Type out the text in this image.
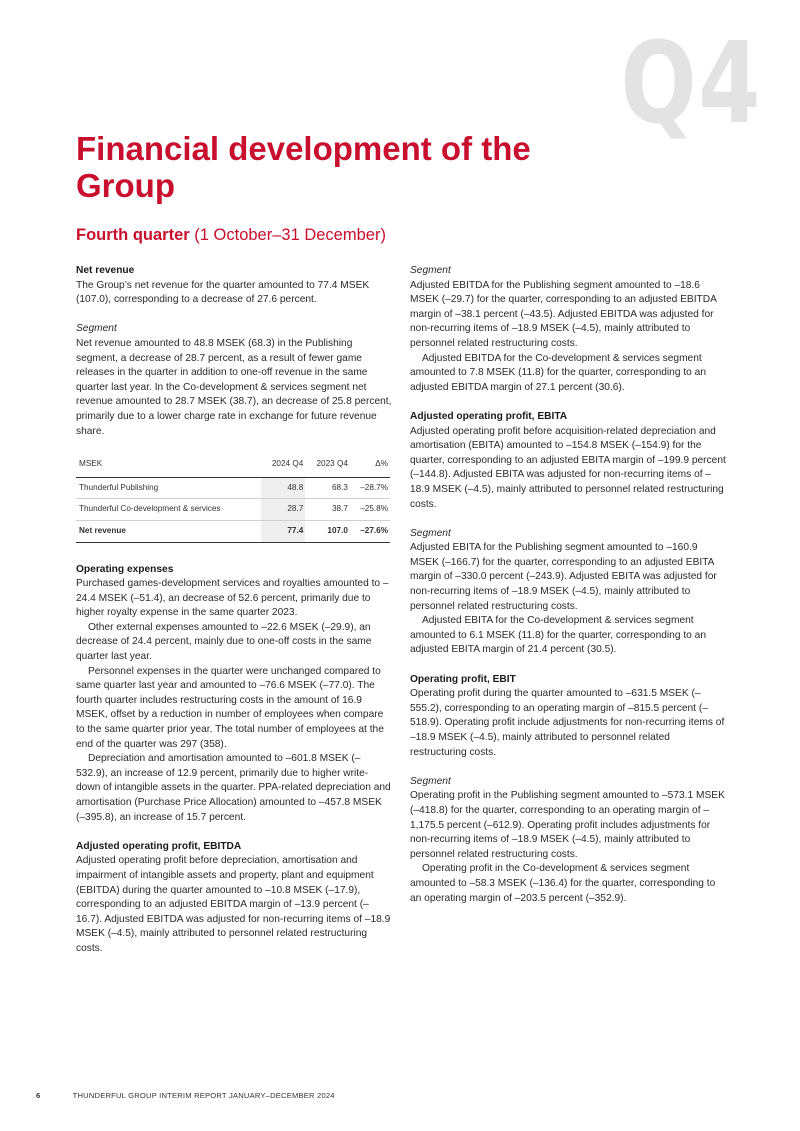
Q4
Financial development of the Group
Fourth quarter (1 October–31 December)

Net revenue

The Group’s net revenue for the quarter amounted to 77.4 MSEK (107.0), corresponding to a decrease of 27.6 percent.

Segment

Net revenue amounted to 48.8 MSEK (68.3) in the Publishing segment, a decrease of 28.7 percent, as a result of fewer game releases in the quarter in addition to one-off revenue in the same quarter last year. In the Co-development & services segment net revenue amounted to 28.7 MSEK (38.7), an decrease of 25.8 percent, primarily due to a lower charge rate in exchange for future revenue share.

MSEK	2024 Q4	2023 Q4	Δ%
Thunderful Publishing	48.8	68.3	–28.7%
Thunderful Co-development & services	28.7	38.7	–25.8%
Net revenue	77.4	107.0	–27.6%

Operating expenses

Purchased games-development services and royalties amounted to –24.4 MSEK (–51.4), an decrease of 52.6 percent, primarily due to higher royalty expense in the same quarter 2023.

Other external expenses amounted to –22.6 MSEK (–29.9), an decrease of 24.4 percent, mainly due to one-off costs in the same quarter last year.

Personnel expenses in the quarter were unchanged compared to same quarter last year and amounted to –76.6 MSEK (–77.0). The fourth quarter includes restructuring costs in the amount of 16.9 MSEK, offset by a reduction in number of employees when compare to the same quarter prior year. The total number of employees at the end of the quarter was 297 (358).

Depreciation and amortisation amounted to –601.8 MSEK (–532.9), an increase of 12.9 percent, primarily due to higher write-down of intangible assets in the quarter. PPA-related depreciation and amortisation (Purchase Price Allocation) amounted to –457.8 MSEK (–395.8), an increase of 15.7 percent.

Adjusted operating profit, EBITDA

Adjusted operating profit before depreciation, amortisation and impairment of intangible assets and property, plant and equipment (EBITDA) during the quarter amounted to –10.8 MSEK (–17.9), corresponding to an adjusted EBITDA margin of –13.9 percent (–16.7). Adjusted EBITDA was adjusted for non-recurring items of –18.9 MSEK (–4.5), mainly attributed to personnel related restructuring costs.

Segment

Adjusted EBITDA for the Publishing segment amounted to –18.6 MSEK (–29.7) for the quarter, corresponding to an adjusted EBITDA margin of –38.1 percent (–43.5). Adjusted EBITDA was adjusted for non-recurring items of –18.9 MSEK (–4.5), mainly attributed to personnel related restructuring costs.

Adjusted EBITDA for the Co-development & services segment amounted to 7.8 MSEK (11.8) for the quarter, corresponding to an adjusted EBITDA margin of 27.1 percent (30.6).

Adjusted operating profit, EBITA

Adjusted operating profit before acquisition-related depreciation and amortisation (EBITA) amounted to –154.8 MSEK (–154.9) for the quarter, corresponding to an adjusted EBITA margin of –199.9 percent (–144.8). Adjusted EBITA was adjusted for non-recurring items of –18.9 MSEK (–4.5), mainly attributed to personnel related restructuring costs.

Segment

Adjusted EBITA for the Publishing segment amounted to –160.9 MSEK (–166.7) for the quarter, corresponding to an adjusted EBITA margin of –330.0 percent (–243.9). Adjusted EBITA was adjusted for non-recurring items of –18.9 MSEK (–4.5), mainly attributed to personnel related restructuring costs.

Adjusted EBITA for the Co-development & services segment amounted to 6.1 MSEK (11.8) for the quarter, corresponding to an adjusted EBITA margin of 21.4 percent (30.5).

Operating profit, EBIT

Operating profit during the quarter amounted to –631.5 MSEK (–555.2), corresponding to an operating margin of –815.5 percent (–518.9). Operating profit include adjustments for non-recurring items of –18.9 MSEK (–4.5), mainly attributed to personnel related restructuring costs.

Segment

Operating profit in the Publishing segment amounted to –573.1 MSEK (–418.8) for the quarter, corresponding to an operating margin of –1,175.5 percent (–612.9). Operating profit includes adjustments for non-recurring items of –18.9 MSEK (–4.5), mainly attributed to personnel related restructuring costs.

Operating profit in the Co-development & services segment amounted to –58.3 MSEK (–136.4) for the quarter, corresponding to an operating margin of –203.5 percent (–352.9).

6	THUNDERFUL GROUP INTERIM REPORT JANUARY–DECEMBER 2024
